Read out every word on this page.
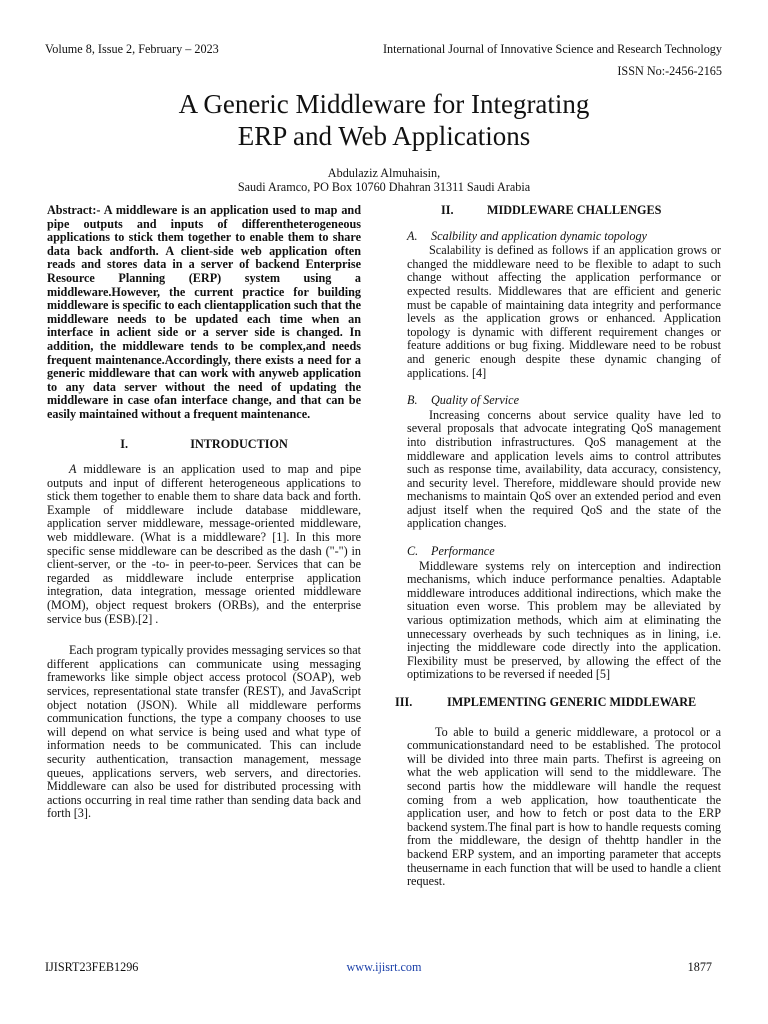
Volume 8, Issue 2, February – 2023	International Journal of Innovative Science and Research Technology
ISSN No:-2456-2165
A Generic Middleware for Integrating
ERP and Web Applications
Abdulaziz Almuhaisin,
Saudi Aramco, PO Box 10760 Dhahran 31311 Saudi Arabia

Abstract:- A middleware is an application used to map and pipe outputs and inputs of differentheterogeneous applications to stick them together to enable them to share data back andforth. A client-side web application often reads and stores data in a server of backend Enterprise Resource Planning (ERP) system using a middleware.However, the current practice for building middleware is specific to each clientapplication such that the middleware needs to be updated each time when an interface in aclient side or a server side is changed. In addition, the middleware tends to be complex,and needs frequent maintenance.Accordingly, there exists a need for a generic middleware that can work with anyweb application to any data server without the need of updating the middleware in case ofan interface change, and that can be easily maintained without a frequent maintenance.

I.	INTRODUCTION

A middleware is an application used to map and pipe outputs and input of different heterogeneous applications to stick them together to enable them to share data back and forth. Example of middleware include database middleware, application server middleware, message-oriented middleware, web middleware. (What is a middleware? [1]. In this more specific sense middleware can be described as the dash ("-") in client-server, or the -to- in peer-to-peer. Services that can be regarded as middleware include enterprise application integration, data integration, message oriented middleware (MOM), object request brokers (ORBs), and the enterprise service bus (ESB).[2] .

Each program typically provides messaging services so that different applications can communicate using messaging frameworks like simple object access protocol (SOAP), web services, representational state transfer (REST), and JavaScript object notation (JSON). While all middleware performs communication functions, the type a company chooses to use will depend on what service is being used and what type of information needs to be communicated. This can include security authentication, transaction management, message queues, applications servers, web servers, and directories. Middleware can also be used for distributed processing with actions occurring in real time rather than sending data back and forth [3].

II.	MIDDLEWARE CHALLENGES
A.	Scalbility and application dynamic topology

Scalability is defined as follows if an application grows or changed the middleware need to be flexible to adapt to such change without affecting the application performance or expected results. Middlewares that are efficient and generic must be capable of maintaining data integrity and performance levels as the application grows or enhanced. Application topology is dynamic with different requirement changes or feature additions or bug fixing. Middleware need to be robust and generic enough despite these dynamic changing of applications. [4]

B.	Quality of Service

Increasing concerns about service quality have led to several proposals that advocate integrating QoS management into distribution infrastructures. QoS management at the middleware and application levels aims to control attributes such as response time, availability, data accuracy, consistency, and security level. Therefore, middleware should provide new mechanisms to maintain QoS over an extended period and even adjust itself when the required QoS and the state of the application changes.

C.	Performance

Middleware systems rely on interception and indirection mechanisms, which induce performance penalties. Adaptable middleware introduces additional indirections, which make the situation even worse. This problem may be alleviated by various optimization methods, which aim at eliminating the unnecessary overheads by such techniques as in lining, i.e. injecting the middleware code directly into the application. Flexibility must be preserved, by allowing the effect of the optimizations to be reversed if needed [5]

III.	IMPLEMENTING GENERIC MIDDLEWARE

To able to build a generic middleware, a protocol or a communicationstandard need to be established. The protocol will be divided into three main parts. Thefirst is agreeing on what the web application will send to the middleware. The second partis how the middleware will handle the request coming from a web application, how toauthenticate the application user, and how to fetch or post data to the ERP backend system.The final part is how to handle requests coming from the middleware, the design of thehttp handler in the backend ERP system, and an importing parameter that accepts theusername in each function that will be used to handle a client request.

IJISRT23FEB1296	www.ijisrt.com	1877
